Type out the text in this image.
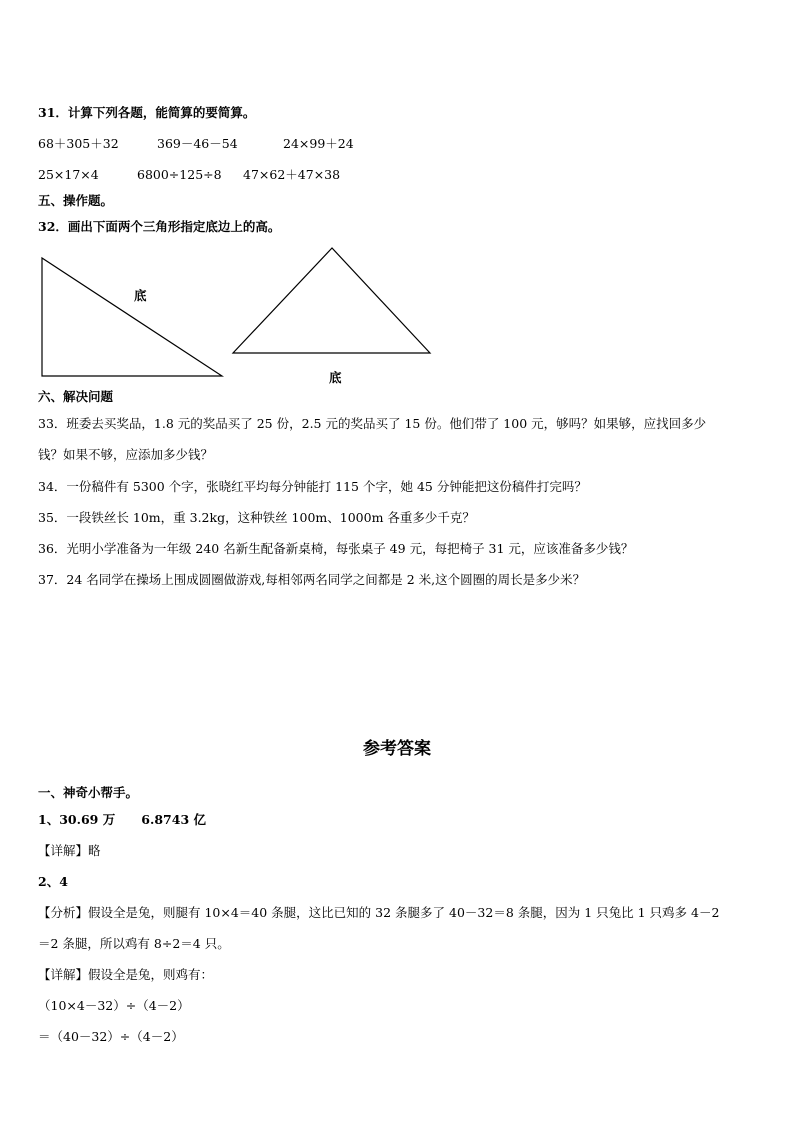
31．计算下列各题，能简算的要简算。
68＋305＋32	369－46－54	24×99＋24
25×17×4	6800÷125÷8 47×62＋47×38
五、操作题。
32．画出下面两个三角形指定底边上的高。
底
底
六、解决问题
33．班委去买奖品，1.8 元的奖品买了 25 份，2.5 元的奖品买了 15 份。他们带了 100 元，够吗？如果够，应找回多少
钱？如果不够，应添加多少钱？
34．一份稿件有 5300 个字，张晓红平均每分钟能打 115 个字，她 45 分钟能把这份稿件打完吗？
35．一段铁丝长 10m，重 3.2kg，这种铁丝 100m、1000m 各重多少千克？
36．光明小学准备为一年级 240 名新生配备新桌椅，每张桌子 49 元，每把椅子 31 元，应该准备多少钱？
37．24 名同学在操场上围成圆圈做游戏,每相邻两名同学之间都是 2 米,这个圆圈的周长是多少米？
参考答案
一、神奇小帮手。
1、30.69 万      6.8743 亿
【详解】略
2、4
【分析】假设全是兔，则腿有 10×4＝40 条腿，这比已知的 32 条腿多了 40－32＝8 条腿，因为 1 只兔比 1 只鸡多 4－2
＝2 条腿，所以鸡有 8÷2＝4 只。
【详解】假设全是兔，则鸡有：
（10×4－32）÷（4－2）
＝（40－32）÷（4－2）
